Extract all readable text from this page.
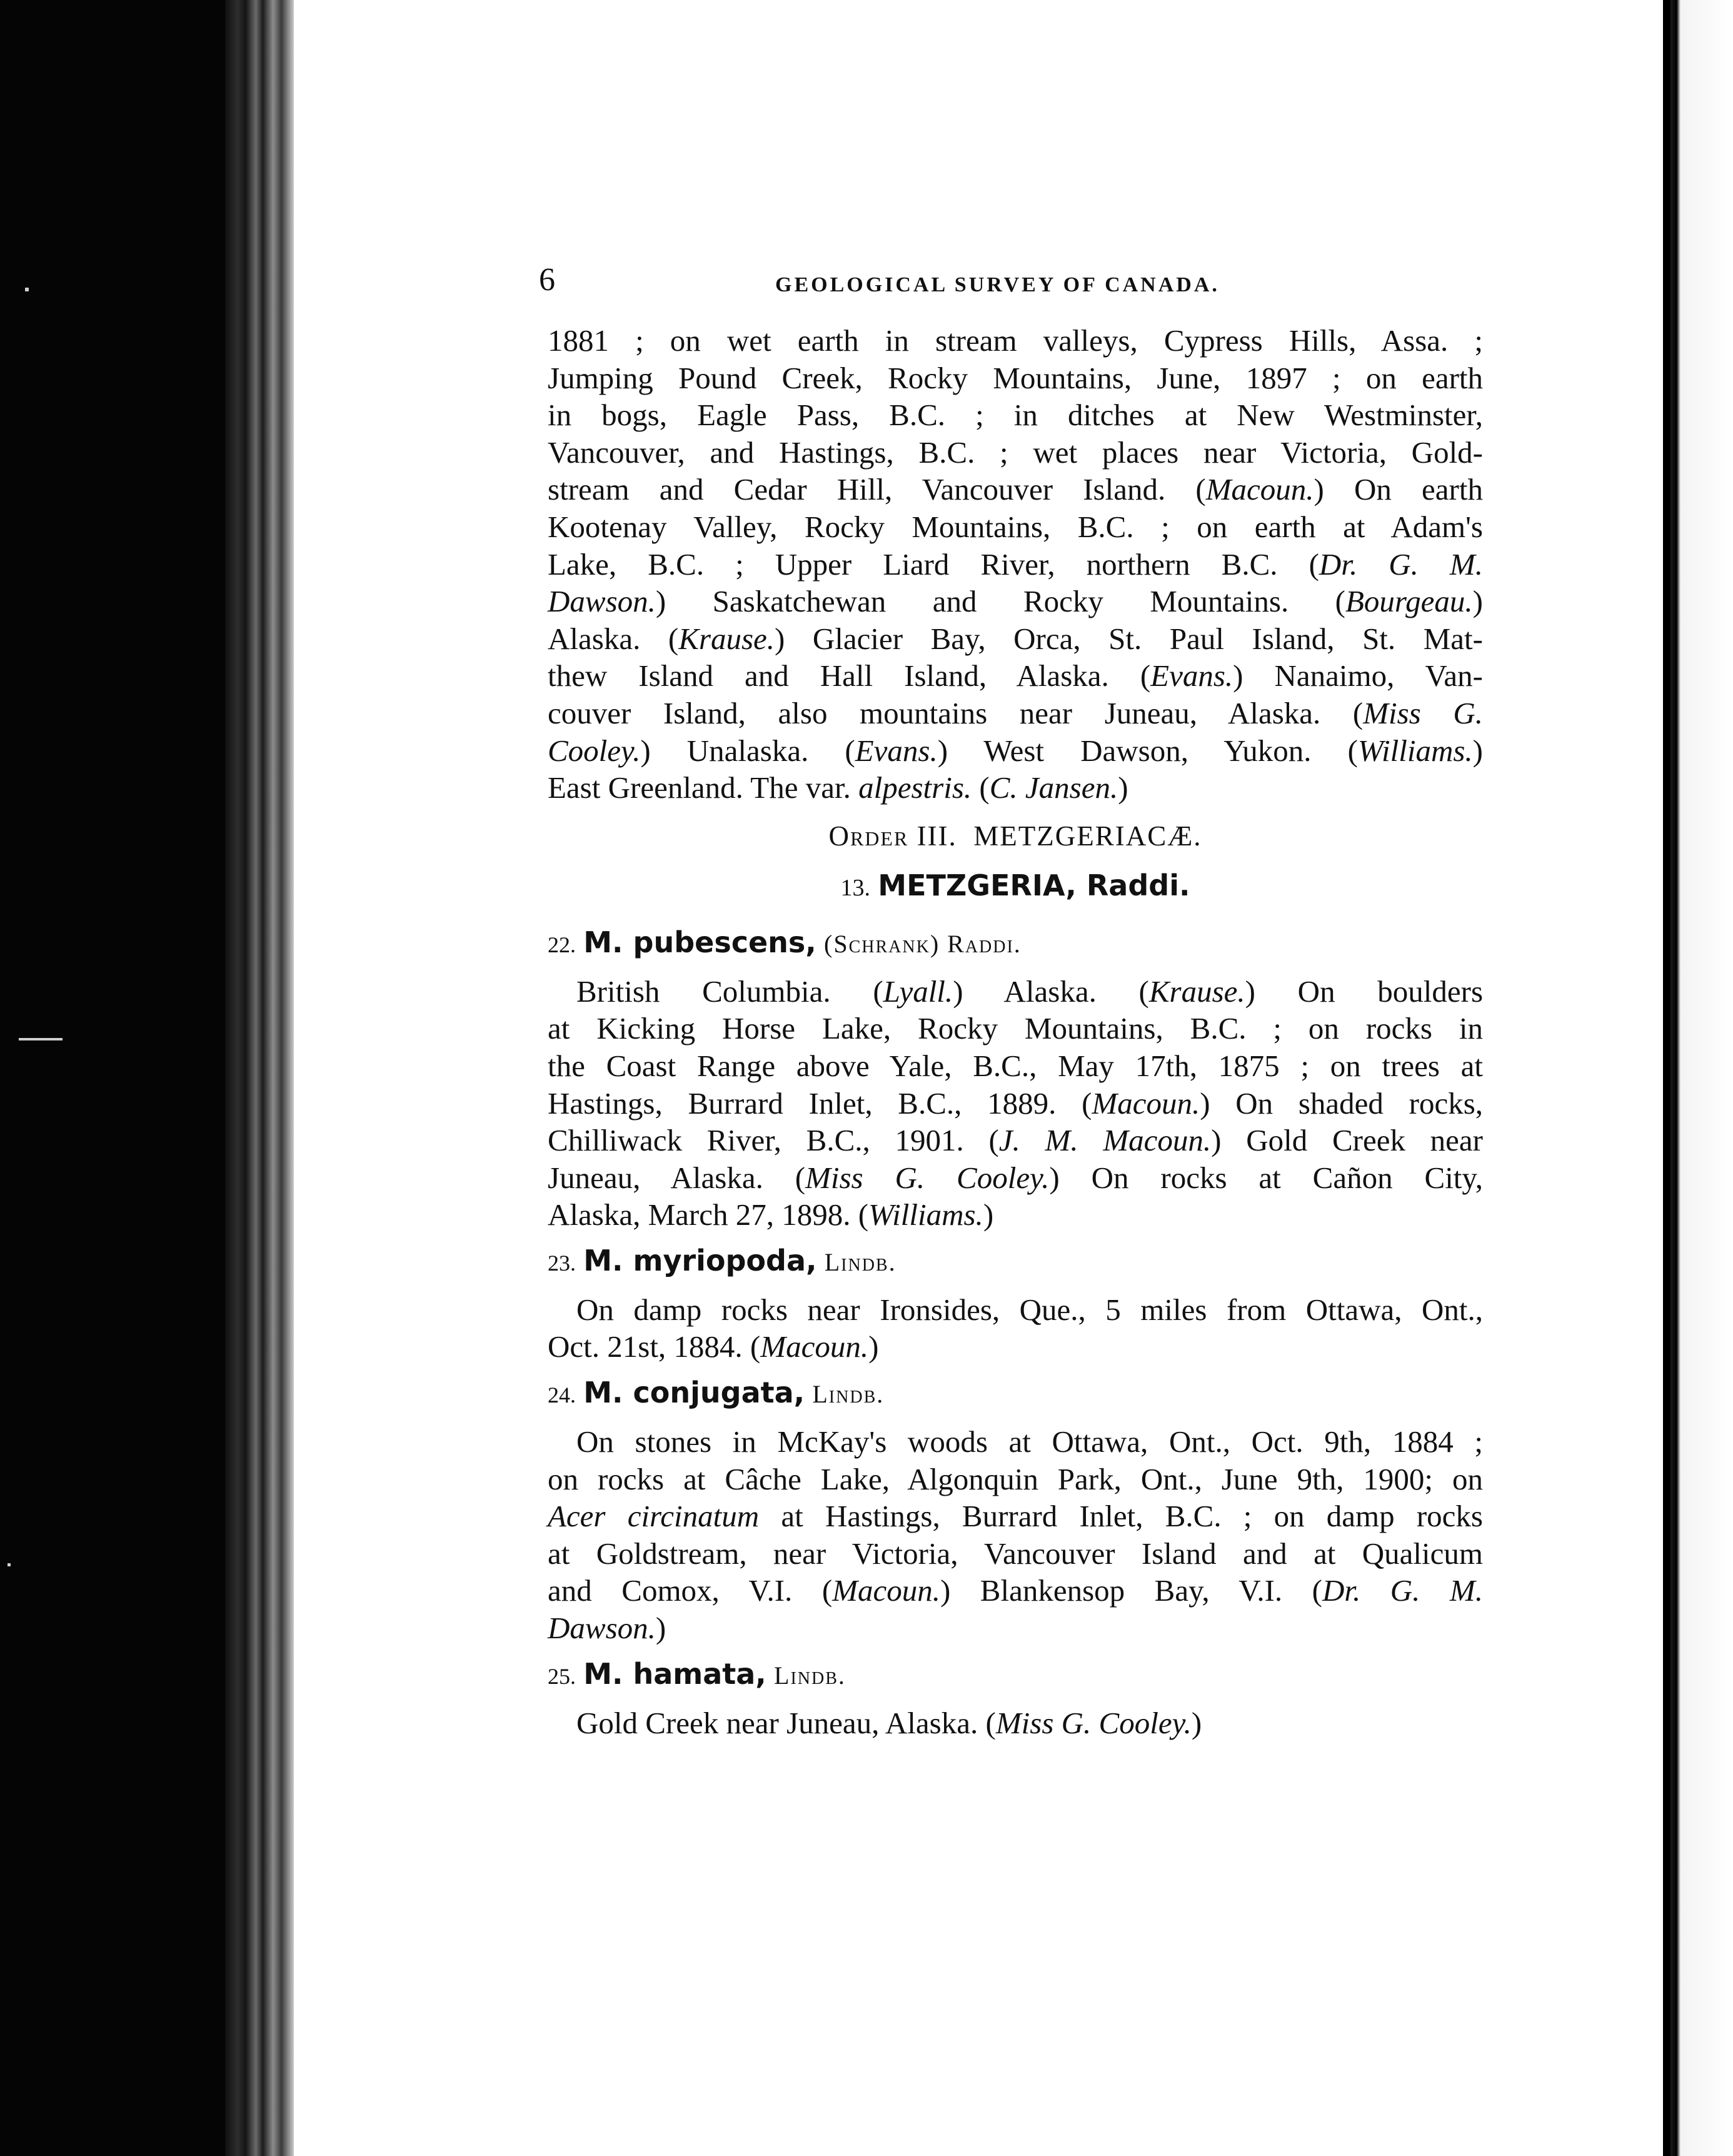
6	GEOLOGICAL SURVEY OF CANADA.
1881 ; on wet earth in stream valleys, Cypress Hills, Assa. ;
Jumping Pound Creek, Rocky Mountains, June, 1897 ; on earth
in bogs, Eagle Pass, B.C. ; in ditches at New Westminster,
Vancouver, and Hastings, B.C. ; wet places near Victoria, Gold-
stream and Cedar Hill, Vancouver Island. (Macoun.) On earth
Kootenay Valley, Rocky Mountains, B.C. ; on earth at Adam's
Lake, B.C. ; Upper Liard River, northern B.C. (Dr. G. M.
Dawson.) Saskatchewan and Rocky Mountains. (Bourgeau.)
Alaska. (Krause.) Glacier Bay, Orca, St. Paul Island, St. Mat-
thew Island and Hall Island, Alaska. (Evans.) Nanaimo, Van-
couver Island, also mountains near Juneau, Alaska. (Miss G.
Cooley.) Unalaska. (Evans.) West Dawson, Yukon. (Williams.)
East Greenland. The var. alpestris. (C. Jansen.)
Order III. METZGERIACÆ.
13. METZGERIA, Raddi.
22. M. pubescens, (Schrank) Raddi.
British Columbia. (Lyall.) Alaska. (Krause.) On boulders
at Kicking Horse Lake, Rocky Mountains, B.C. ; on rocks in
the Coast Range above Yale, B.C., May 17th, 1875 ; on trees at
Hastings, Burrard Inlet, B.C., 1889. (Macoun.) On shaded rocks,
Chilliwack River, B.C., 1901. (J. M. Macoun.) Gold Creek near
Juneau, Alaska. (Miss G. Cooley.) On rocks at Cañon City,
Alaska, March 27, 1898. (Williams.)
23. M. myriopoda, Lindb.
On damp rocks near Ironsides, Que., 5 miles from Ottawa, Ont.,
Oct. 21st, 1884. (Macoun.)
24. M. conjugata, Lindb.
On stones in McKay's woods at Ottawa, Ont., Oct. 9th, 1884 ;
on rocks at Câche Lake, Algonquin Park, Ont., June 9th, 1900; on
Acer circinatum at Hastings, Burrard Inlet, B.C. ; on damp rocks
at Goldstream, near Victoria, Vancouver Island and at Qualicum
and Comox, V.I. (Macoun.) Blankensop Bay, V.I. (Dr. G. M.
Dawson.)
25. M. hamata, Lindb.
Gold Creek near Juneau, Alaska. (Miss G. Cooley.)
